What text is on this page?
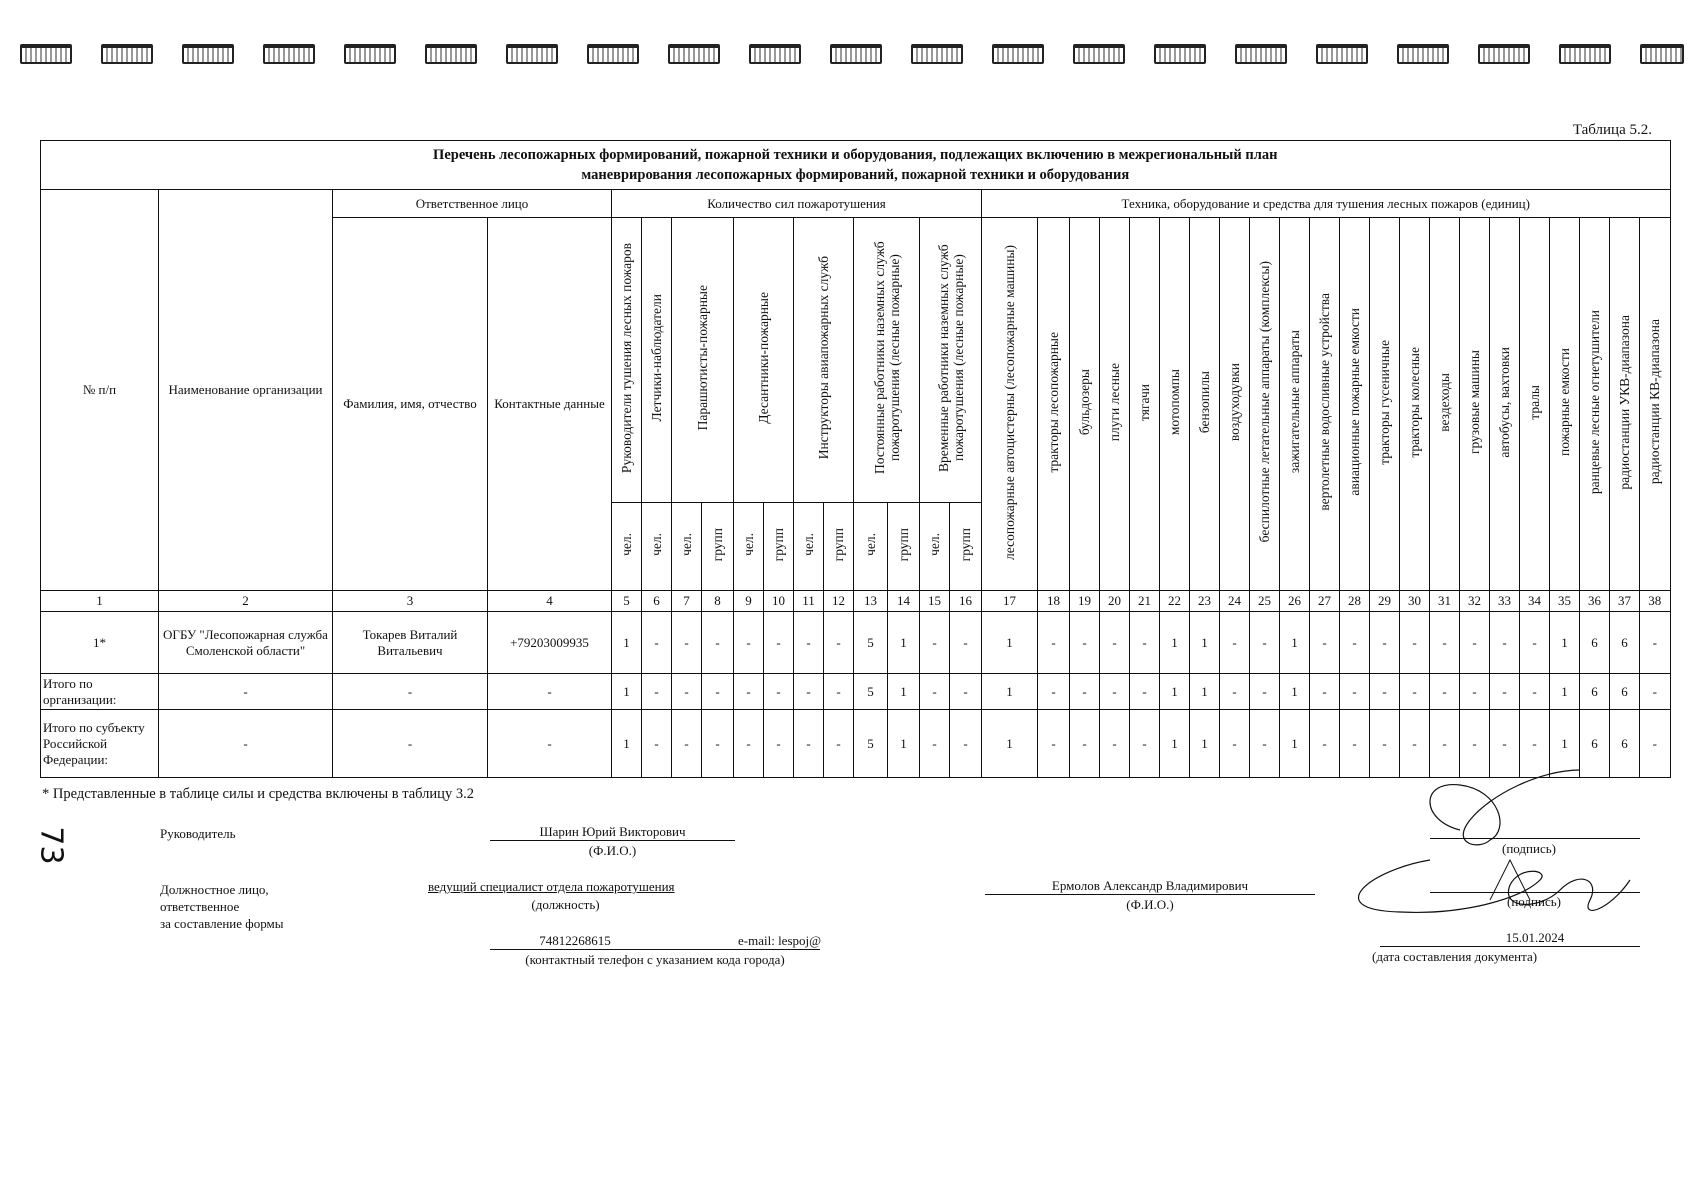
Таблица 5.2.
Перечень лесопожарных формирований, пожарной техники и оборудования, подлежащих включению в межрегиональный план
маневрирования лесопожарных формирований, пожарной техники и оборудования																																					

№ п/п	Наименование организации	Ответственное лицо		Количество сил пожаротушения												Техника, оборудование и средства для тушения лесных пожаров (единиц)																					
		Фамилия, имя, отчество	Контактные данные	Руководители тушения лесных пожаров	Летчики-наблюдатели	Парашютисты-пожарные		Десантники-пожарные		Инструкторы авиапожарных служб		Постоянные работники наземных служб пожаротушения (лесные пожарные)		Временные работники наземных служб пожаротушения (лесные пожарные)		лесопожарные автоцистерны (лесопожарные машины)	тракторы лесопожарные	бульдозеры	плуги лесные	тягачи	мотопомпы	бензопилы	воздуходувки	беспилотные летательные аппараты (комплексы)	зажигательные аппараты	вертолетные водосливные устройства	авиационные пожарные емкости	тракторы гусеничные	тракторы колесные	вездеходы	грузовые машины	автобусы, вахтовки	тралы	пожарные емкости	ранцевые лесные огнетушители	радиостанции УКВ-диапазона	радиостанции КВ-диапазона
				чел.	чел.	чел.	групп	чел.	групп	чел.	групп	чел.	групп	чел.	групп																						
1	2	3	4	5	6	7	8	9	10	11	12	13	14	15	16	17	18	19	20	21	22	23	24	25	26	27	28	29	30	31	32	33	34	35	36	37	38
1*	ОГБУ "Лесопожарная служба Смоленской области"	Токарев Виталий Витальевич	+79203009935	1	-	-	-	-	-	-	-	5	1	-	-	1	-	-	-	-	1	1	-	-	1	-	-	-	-	-	-	-	-	1	6	6	-
Итого по организации:	-	-	-	1	-	-	-	-	-	-	-	5	1	-	-	1	-	-	-	-	1	1	-	-	1	-	-	-	-	-	-	-	-	1	6	6	-
Итого по субъекту Российской Федерации:	-	-	-	1	-	-	-	-	-	-	-	5	1	-	-	1	-	-	-	-	1	1	-	-	1	-	-	-	-	-	-	-	-	1	6	6	-
* Представленные в таблице силы и средства включены в таблицу 3.2
73	Руководитель	Шарин Юрий Викторович
(Ф.И.О.)	(подпись)
Должностное лицо,
ответственное
за составление формы
ведущий специалист отдела пожаротушения
(должность)
Ермолов Александр Владимирович
(Ф.И.О.)	(подпись)
74812268615	e-mail: lespoj@
(контактный телефон с указанием кода города)
15.01.2024
(дата составления документа)
